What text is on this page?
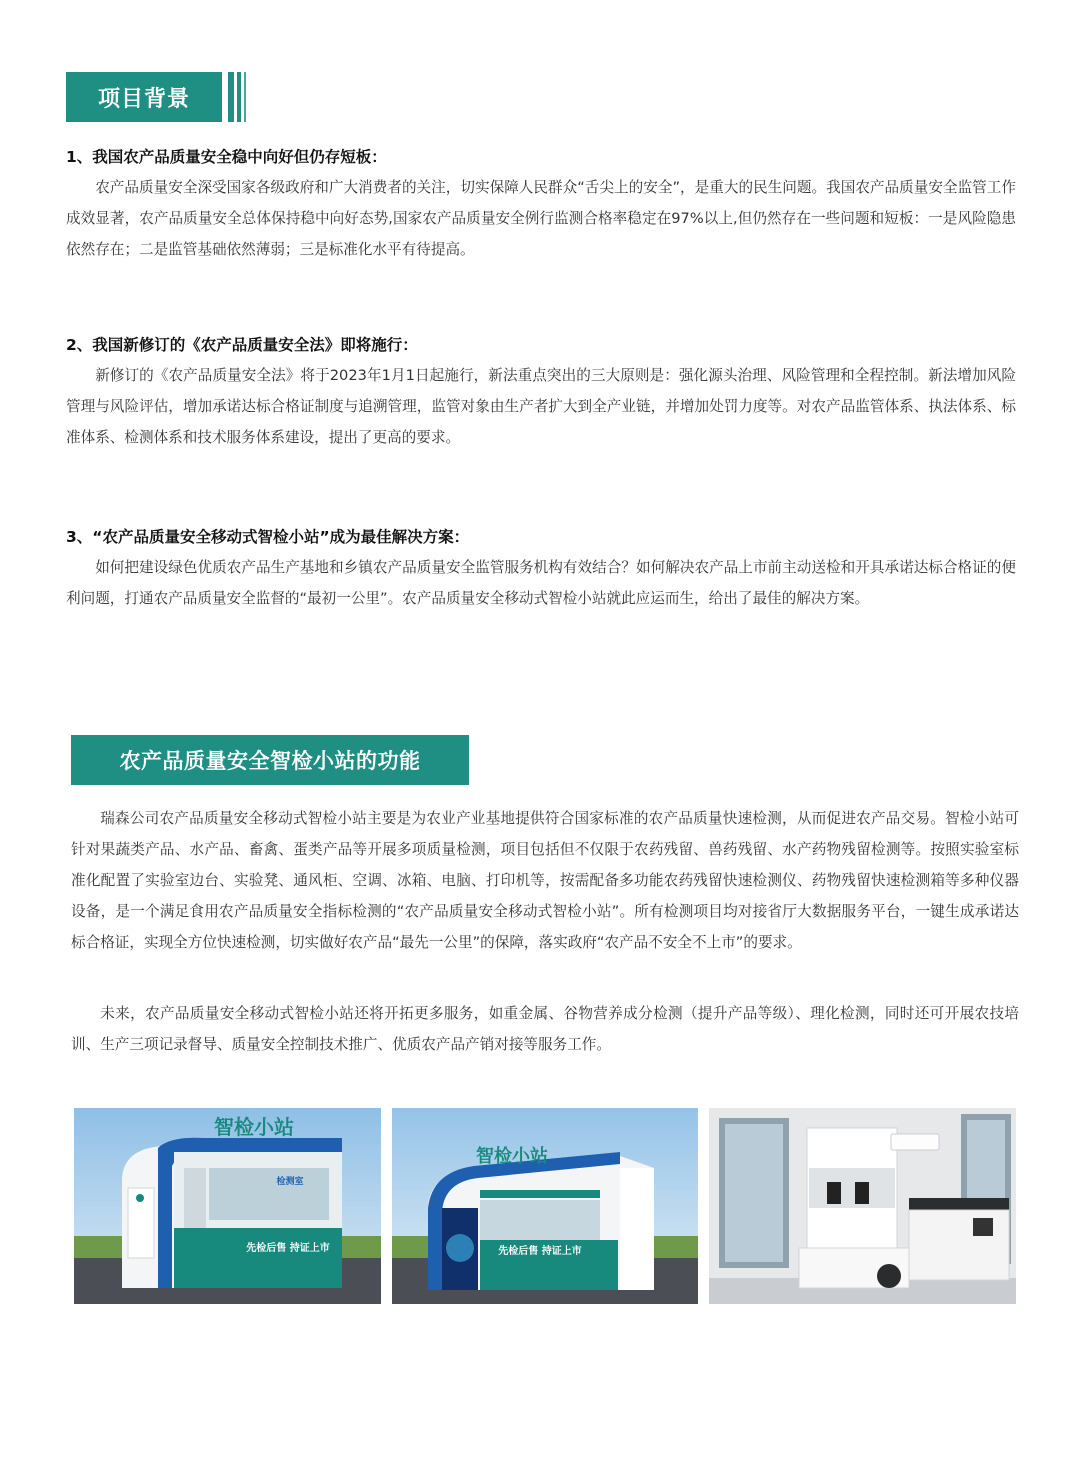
项目背景
1、我国农产品质量安全稳中向好但仍存短板：

农产品质量安全深受国家各级政府和广大消费者的关注，切实保障人民群众“舌尖上的安全”，是重大的民生问题。我国农产品质量安全监管工作成效显著，农产品质量安全总体保持稳中向好态势,国家农产品质量安全例行监测合格率稳定在97%以上,但仍然存在一些问题和短板：一是风险隐患依然存在；二是监管基础依然薄弱；三是标准化水平有待提高。

2、我国新修订的《农产品质量安全法》即将施行：

新修订的《农产品质量安全法》将于2023年1月1日起施行，新法重点突出的三大原则是：强化源头治理、风险管理和全程控制。新法增加风险管理与风险评估，增加承诺达标合格证制度与追溯管理，监管对象由生产者扩大到全产业链，并增加处罚力度等。对农产品监管体系、执法体系、标准体系、检测体系和技术服务体系建设，提出了更高的要求。

3、“农产品质量安全移动式智检小站”成为最佳解决方案：

如何把建设绿色优质农产品生产基地和乡镇农产品质量安全监管服务机构有效结合？如何解决农产品上市前主动送检和开具承诺达标合格证的便利问题，打通农产品质量安全监督的“最初一公里”。农产品质量安全移动式智检小站就此应运而生，给出了最佳的解决方案。

农产品质量安全智检小站的功能

瑞森公司农产品质量安全移动式智检小站主要是为农业产业基地提供符合国家标准的农产品质量快速检测，从而促进农产品交易。智检小站可针对果蔬类产品、水产品、畜禽、蛋类产品等开展多项质量检测，项目包括但不仅限于农药残留、兽药残留、水产药物残留检测等。按照实验室标准化配置了实验室边台、实验凳、通风柜、空调、冰箱、电脑、打印机等，按需配备多功能农药残留快速检测仪、药物残留快速检测箱等多种仪器设备，是一个满足食用农产品质量安全指标检测的“农产品质量安全移动式智检小站”。所有检测项目均对接省厅大数据服务平台，一键生成承诺达标合格证，实现全方位快速检测，切实做好农产品“最先一公里”的保障，落实政府“农产品不安全不上市”的要求。

未来，农产品质量安全移动式智检小站还将开拓更多服务，如重金属、谷物营养成分检测（提升产品等级）、理化检测，同时还可开展农技培训、生产三项记录督导、质量安全控制技术推广、优质农产品产销对接等服务工作。

智检小站
先检后售 持证上市
检测室
智检小站
先检后售 持证上市
